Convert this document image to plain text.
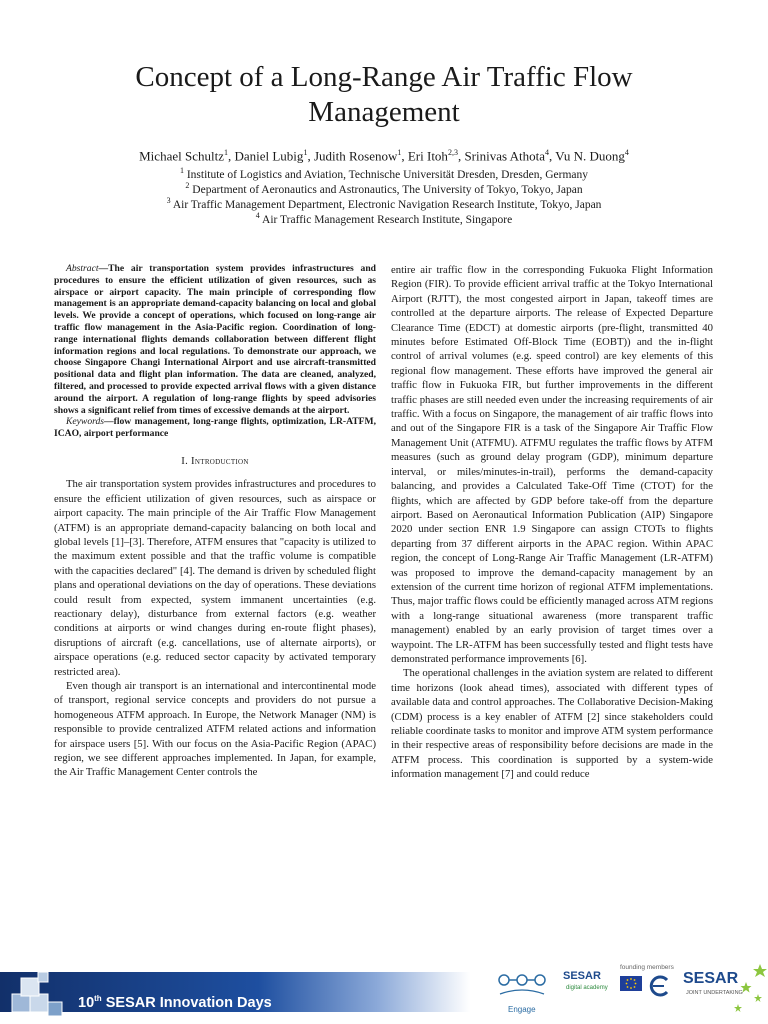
Concept of a Long-Range Air Traffic Flow Management
Michael Schultz$^1$, Daniel Lubig$^1$, Judith Rosenow$^1$, Eri Itoh$^{2,3}$, Srinivas Athota$^4$, Vu N. Duong$^4$
$^1$ Institute of Logistics and Aviation, Technische Universität Dresden, Dresden, Germany
$^2$ Department of Aeronautics and Astronautics, The University of Tokyo, Tokyo, Japan
$^3$ Air Traffic Management Department, Electronic Navigation Research Institute, Tokyo, Japan
$^4$ Air Traffic Management Research Institute, Singapore

Abstract—The air transportation system provides infrastructures and procedures to ensure the efficient utilization of given resources, such as airspace or airport capacity. The main principle of corresponding flow management is an appropriate demand-capacity balancing on local and global levels. We provide a concept of operations, which focused on long-range air traffic flow management in the Asia-Pacific region. Coordination of long-range international flights demands collaboration between different flight information regions and local regulations. To demonstrate our approach, we choose Singapore Changi International Airport and use aircraft-transmitted positional data and flight plan information. The data are cleaned, analyzed, filtered, and processed to provide expected arrival flows with a given distance around the airport. A regulation of long-range flights by speed advisories shows a significant relief from times of excessive demands at the airport.

Keywords—flow management, long-range flights, optimization, LR-ATFM, ICAO, airport performance

I. Introduction

The air transportation system provides infrastructures and procedures to ensure the efficient utilization of given resources, such as airspace or airport capacity. The main principle of the Air Traffic Flow Management (ATFM) is an appropriate demand-capacity balancing on both local and global levels [1]–[3]. Therefore, ATFM ensures that "capacity is utilized to the maximum extent possible and that the traffic volume is compatible with the capacities declared" [4]. The demand is driven by scheduled flight plans and operational deviations on the day of operations. These deviations could result from expected, system immanent uncertainties (e.g. reactionary delay), disturbance from external factors (e.g. weather conditions at airports or wind changes during en-route flight phases), disruptions of aircraft (e.g. cancellations, use of alternate airports), or airspace operations (e.g. reduced sector capacity by activated temporary restricted area).

Even though air transport is an international and intercontinental mode of transport, regional service concepts and providers do not pursue a homogeneous ATFM approach. In Europe, the Network Manager (NM) is responsible to provide centralized ATFM related actions and information for airspace users [5]. With our focus on the Asia-Pacific Region (APAC) region, we see different approaches implemented. In Japan, for example, the Air Traffic Management Center controls the

entire air traffic flow in the corresponding Fukuoka Flight Information Region (FIR). To provide efficient arrival traffic at the Tokyo International Airport (RJTT), the most congested airport in Japan, takeoff times are controlled at the departure airports. The release of Expected Departure Clearance Time (EDCT) at domestic airports (pre-flight, transmitted 40 minutes before Estimated Off-Block Time (EOBT)) and the in-flight control of arrival volumes (e.g. speed control) are key elements of this regional flow management. These efforts have improved the general air traffic flow in Fukuoka FIR, but further improvements in the different traffic phases are still needed even under the increasing requirements of air traffic. With a focus on Singapore, the management of air traffic flows into and out of the Singapore FIR is a task of the Singapore Air Traffic Flow Management Unit (ATFMU). ATFMU regulates the traffic flows by ATFM measures (such as ground delay program (GDP), minimum departure interval, or miles/minutes-in-trail), performs the demand-capacity balancing, and provides a Calculated Take-Off Time (CTOT) for the flights, which are affected by GDP before take-off from the departure airport. Based on Aeronautical Information Publication (AIP) Singapore 2020 under section ENR 1.9 Singapore can assign CTOTs to flights departing from 37 different airports in the APAC region. Within APAC region, the concept of Long-Range Air Traffic Management (LR-ATFM) was proposed to improve the demand-capacity management by an extension of the current time horizon of regional ATFM implementations. Thus, major traffic flows could be efficiently managed across ATM regions with a long-range situational awareness (more transparent traffic management) enabled by an early provision of target times over a waypoint. The LR-ATFM has been successfully tested and flight tests have demonstrated performance improvements [6].

The operational challenges in the aviation system are related to different time horizons (look ahead times), associated with different types of available data and control approaches. The Collaborative Decision-Making (CDM) process is a key enabler of ATFM [2] since stakeholders could reliable coordinate tasks to monitor and improve ATM system performance in their respective areas of responsibility before decisions are made in the ATFM process. This coordination is supported by a system-wide information management [7] and could reduce

10th SESAR Innovation Days	Engage
SESAR
digital academy
founding members
SESAR
JOINT UNDERTAKING
